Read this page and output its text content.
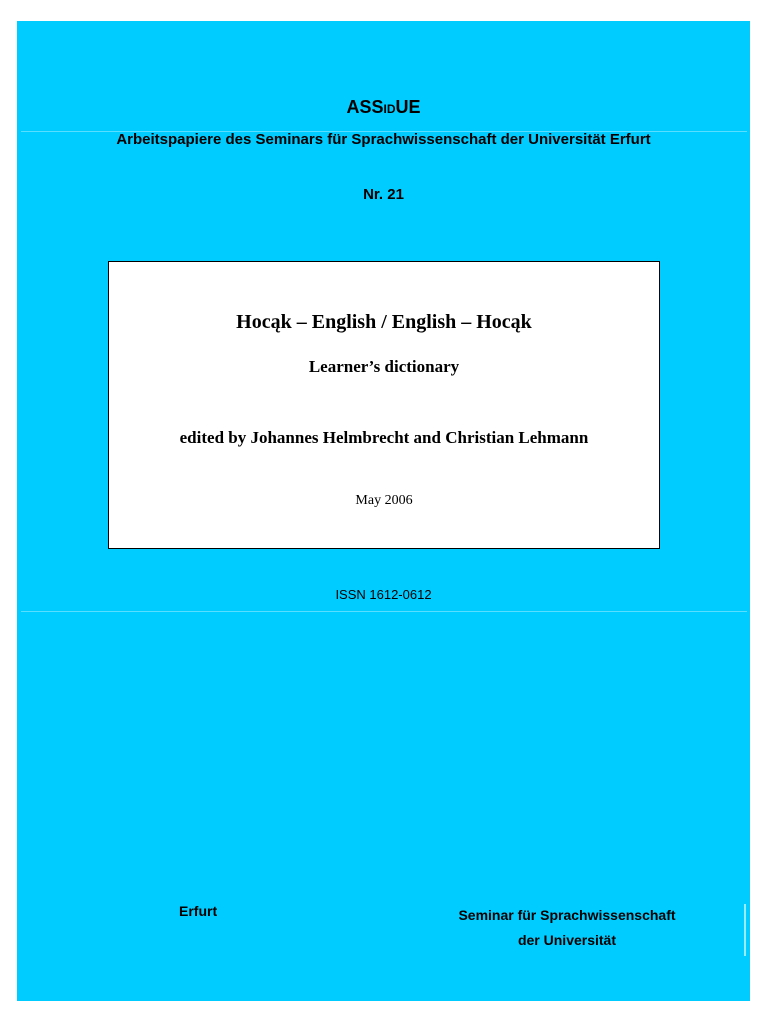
ASSIDUE
Arbeitspapiere des Seminars für Sprachwissenschaft der Universität Erfurt
Nr. 21
Hocąk – English / English – Hocąk
Learner’s dictionary
edited by Johannes Helmbrecht and Christian Lehmann
May 2006
ISSN 1612-0612
Erfurt	Seminar für Sprachwissenschaft
der Universität
